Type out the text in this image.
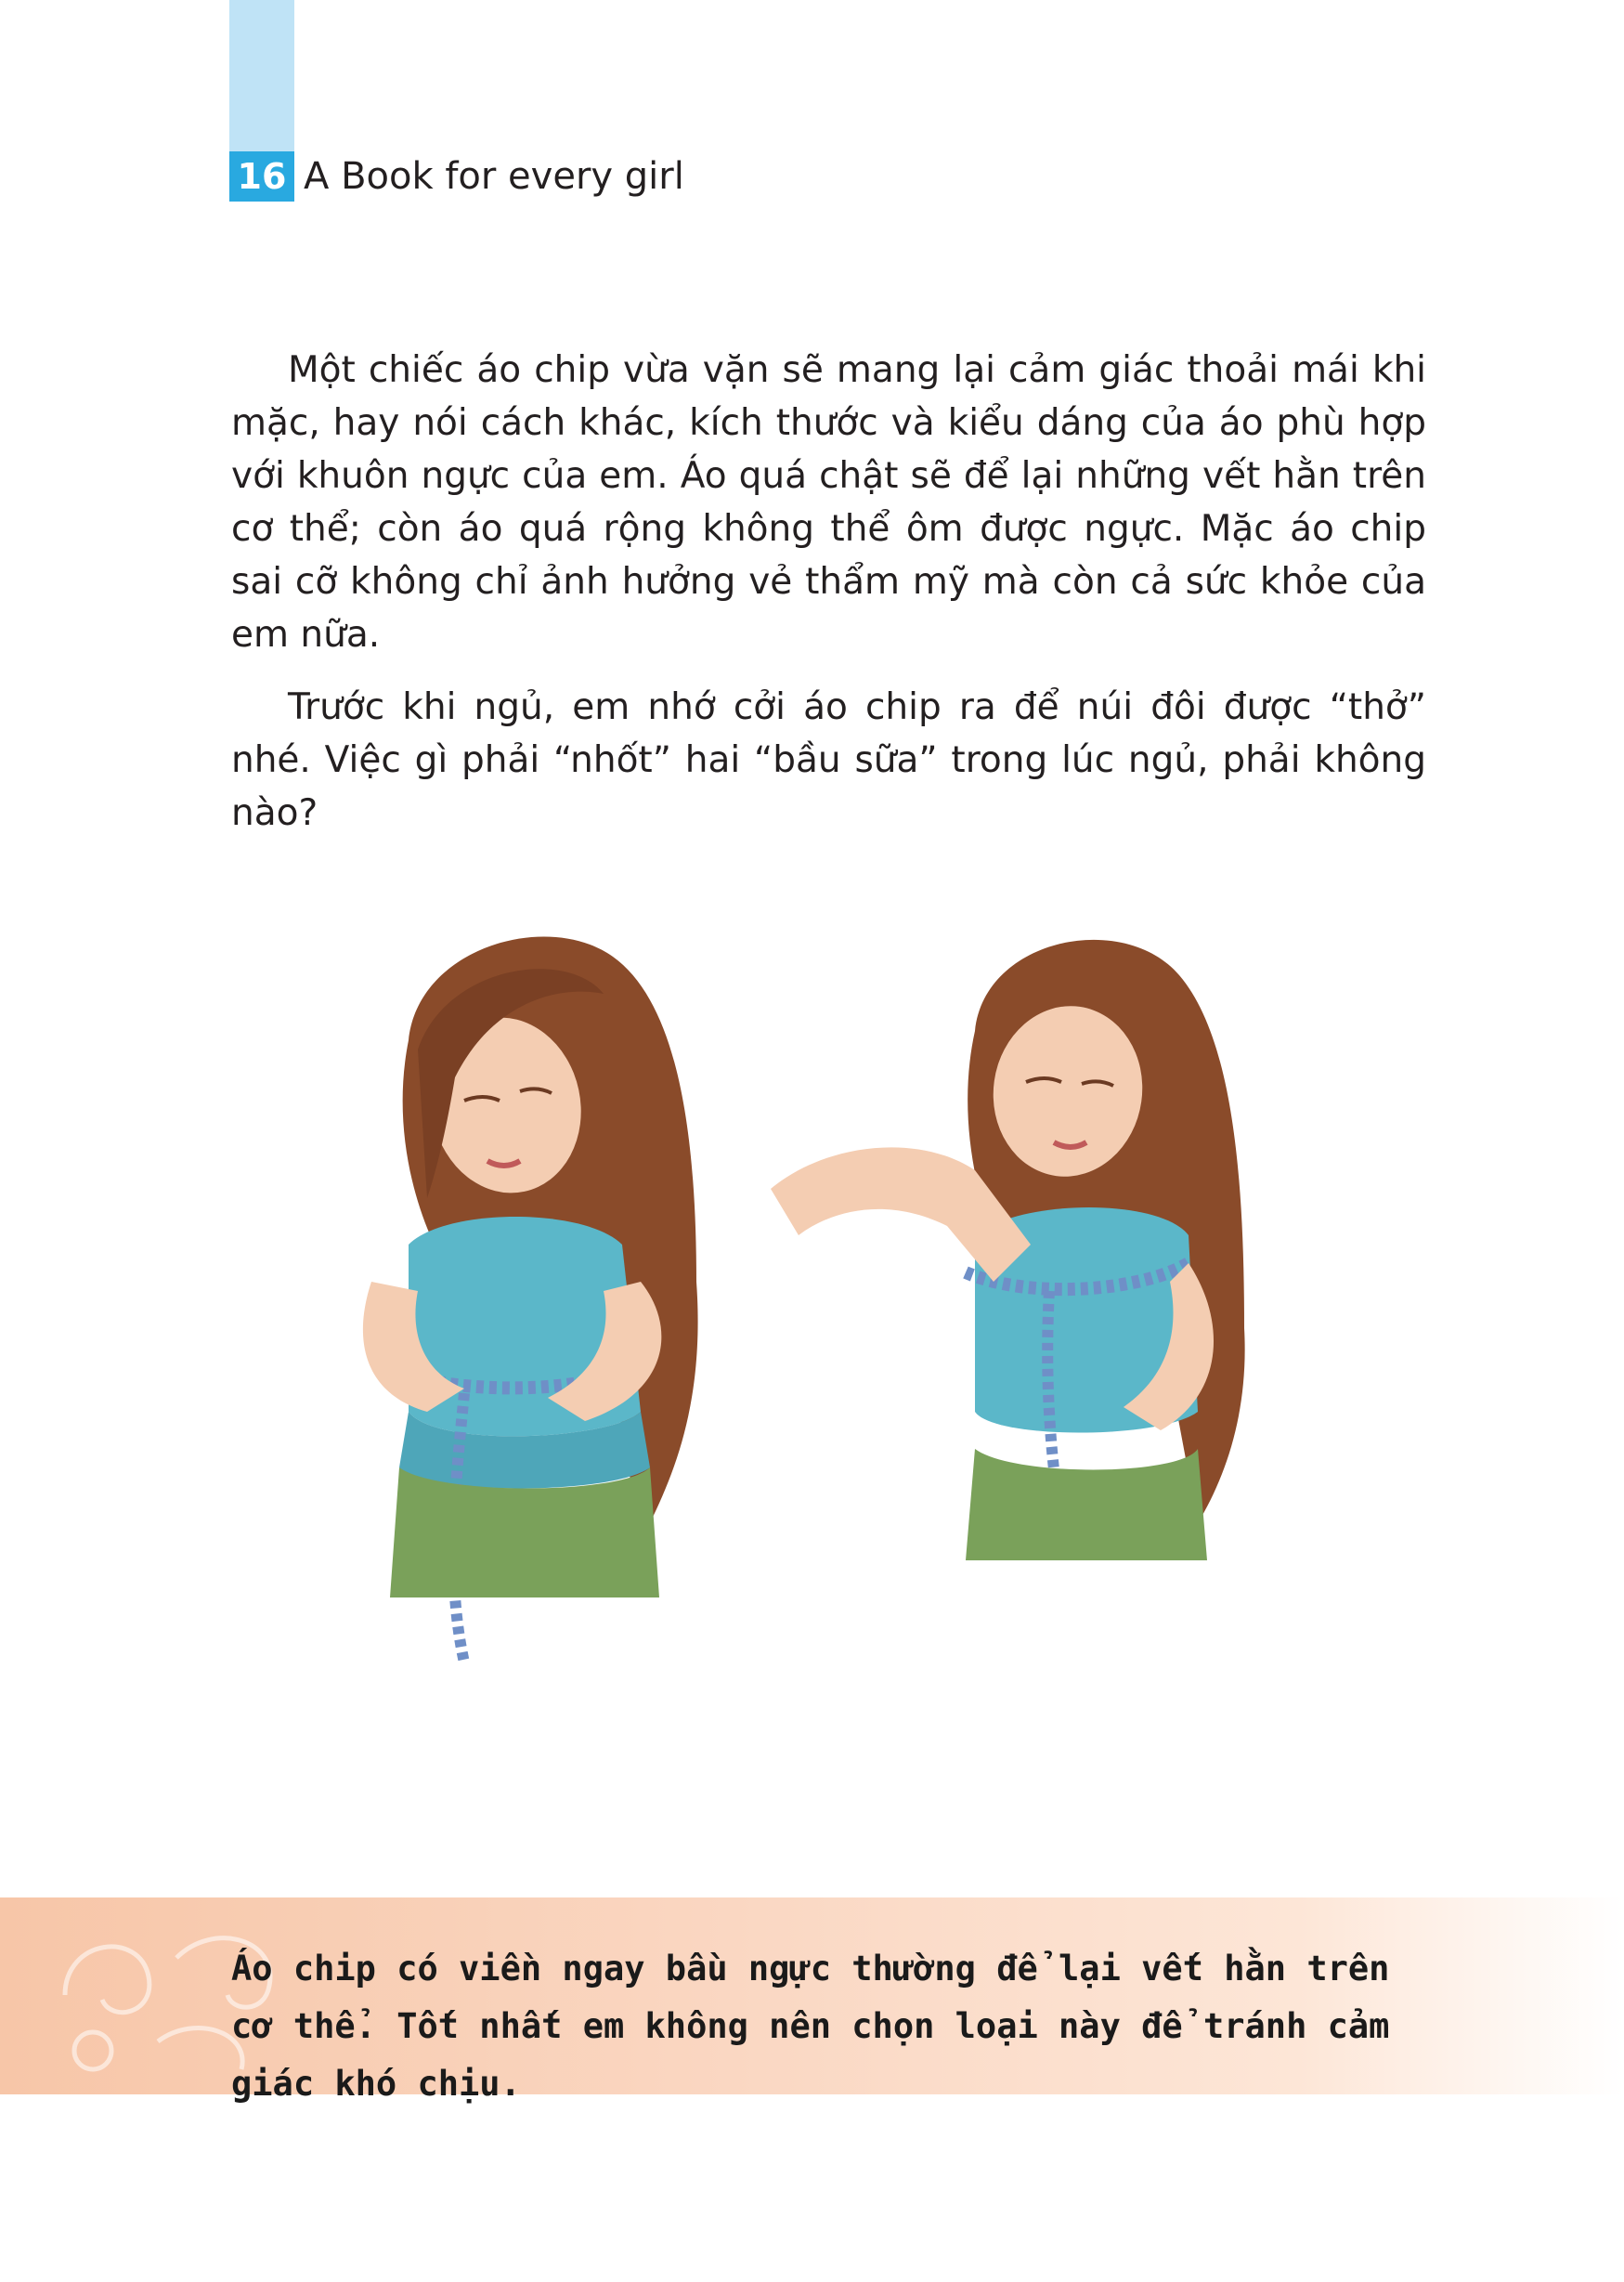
16 A Book for every girl

Một chiếc áo chip vừa vặn sẽ mang lại cảm giác thoải mái khi mặc, hay nói cách khác, kích thước và kiểu dáng của áo phù hợp với khuôn ngực của em. Áo quá chật sẽ để lại những vết hằn trên cơ thể; còn áo quá rộng không thể ôm được ngực. Mặc áo chip sai cỡ không chỉ ảnh hưởng vẻ thẩm mỹ mà còn cả sức khỏe của em nữa.

Trước khi ngủ, em nhớ cởi áo chip ra để núi đôi được “thở” nhé. Việc gì phải “nhốt” hai “bầu sữa” trong lúc ngủ, phải không nào?

Áo chip có viền ngay bầu ngực thường để lại vết hằn trên cơ thể. Tốt nhất em không nên chọn loại này để tránh cảm giác khó chịu.
